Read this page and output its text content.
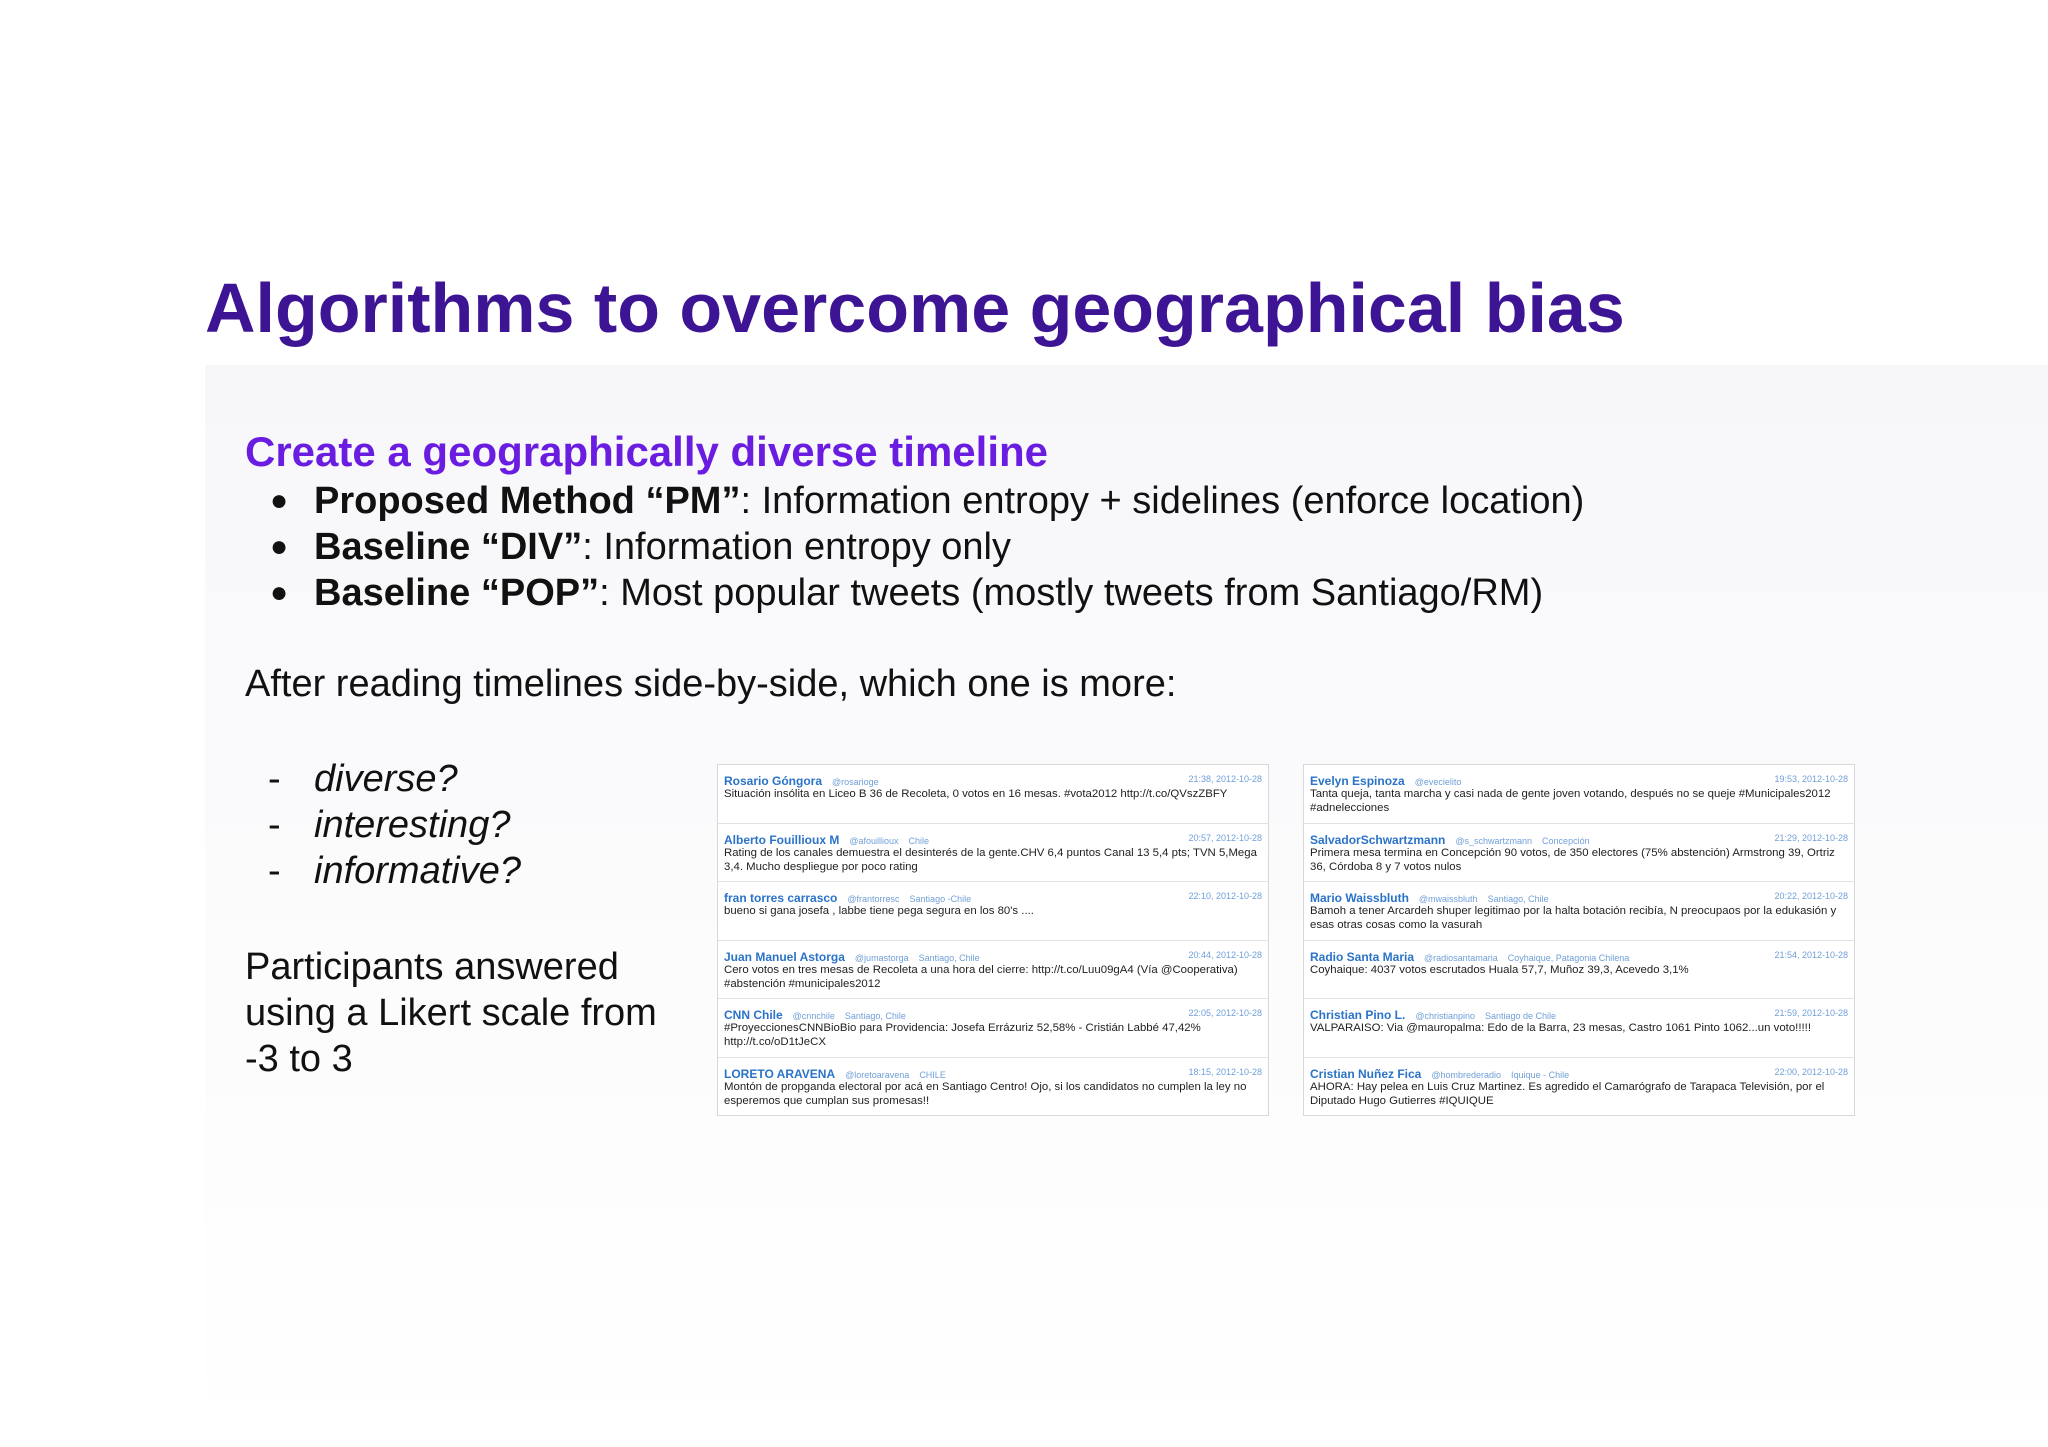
Algorithms to overcome geographical bias
Create a geographically diverse timeline
● Proposed Method “PM”: Information entropy + sidelines (enforce location)
● Baseline “DIV”: Information entropy only
● Baseline “POP”: Most popular tweets (mostly tweets from Santiago/RM)
After reading timelines side-by-side, which one is more:
- diverse?
- interesting?
- informative?
Participants answered using a Likert scale from -3 to 3
Rosario Góngora @rosarioge	21:38, 2012-10-28
Situación insólita en Liceo B 36 de Recoleta, 0 votos en 16 mesas. #vota2012 http://t.co/QVszZBFY
Alberto Fouillioux M @afouillioux Chile	20:57, 2012-10-28
Rating de los canales demuestra el desinterés de la gente.CHV 6,4 puntos Canal 13 5,4 pts; TVN 5,Mega 3,4. Mucho despliegue por poco rating
fran torres carrasco @frantorresc Santiago -Chile	22:10, 2012-10-28
bueno si gana josefa , labbe tiene pega segura en los 80's ....
Juan Manuel Astorga @jumastorga Santiago, Chile	20:44, 2012-10-28
Cero votos en tres mesas de Recoleta a una hora del cierre: http://t.co/Luu09gA4 (Vía @Cooperativa) #abstención #municipales2012
CNN Chile @cnnchile Santiago, Chile	22:05, 2012-10-28
#ProyeccionesCNNBioBio para Providencia: Josefa Errázuriz 52,58% - Cristián Labbé 47,42% http://t.co/oD1tJeCX
LORETO ARAVENA @loretoaravena CHILE	18:15, 2012-10-28
Montón de propganda electoral por acá en Santiago Centro! Ojo, si los candidatos no cumplen la ley no esperemos que cumplan sus promesas!!
Evelyn Espinoza @evecielito	19:53, 2012-10-28
Tanta queja, tanta marcha y casi nada de gente joven votando, después no se queje #Municipales2012 #adnelecciones
SalvadorSchwartzmann @s_schwartzmann Concepción	21:29, 2012-10-28
Primera mesa termina en Concepción 90 votos, de 350 electores (75% abstención) Armstrong 39, Ortriz 36, Córdoba 8 y 7 votos nulos
Mario Waissbluth @mwaissbluth Santiago, Chile	20:22, 2012-10-28
Bamoh a tener Arcardeh shuper legitimao por la halta botación recibía, N preocupaos por la edukasión y esas otras cosas como la vasurah
Radio Santa Maria @radiosantamaria Coyhaique, Patagonia Chilena	21:54, 2012-10-28
Coyhaique: 4037 votos escrutados Huala 57,7, Muñoz 39,3, Acevedo 3,1%
Christian Pino L. @christianpino Santiago de Chile	21:59, 2012-10-28
VALPARAISO: Via @mauropalma: Edo de la Barra, 23 mesas, Castro 1061 Pinto 1062...un voto!!!!!
Cristian Nuñez Fica @hombrederadio Iquique - Chile	22:00, 2012-10-28
AHORA: Hay pelea en Luis Cruz Martinez. Es agredido el Camarógrafo de Tarapaca Televisión, por el Diputado Hugo Gutierres #IQUIQUE
